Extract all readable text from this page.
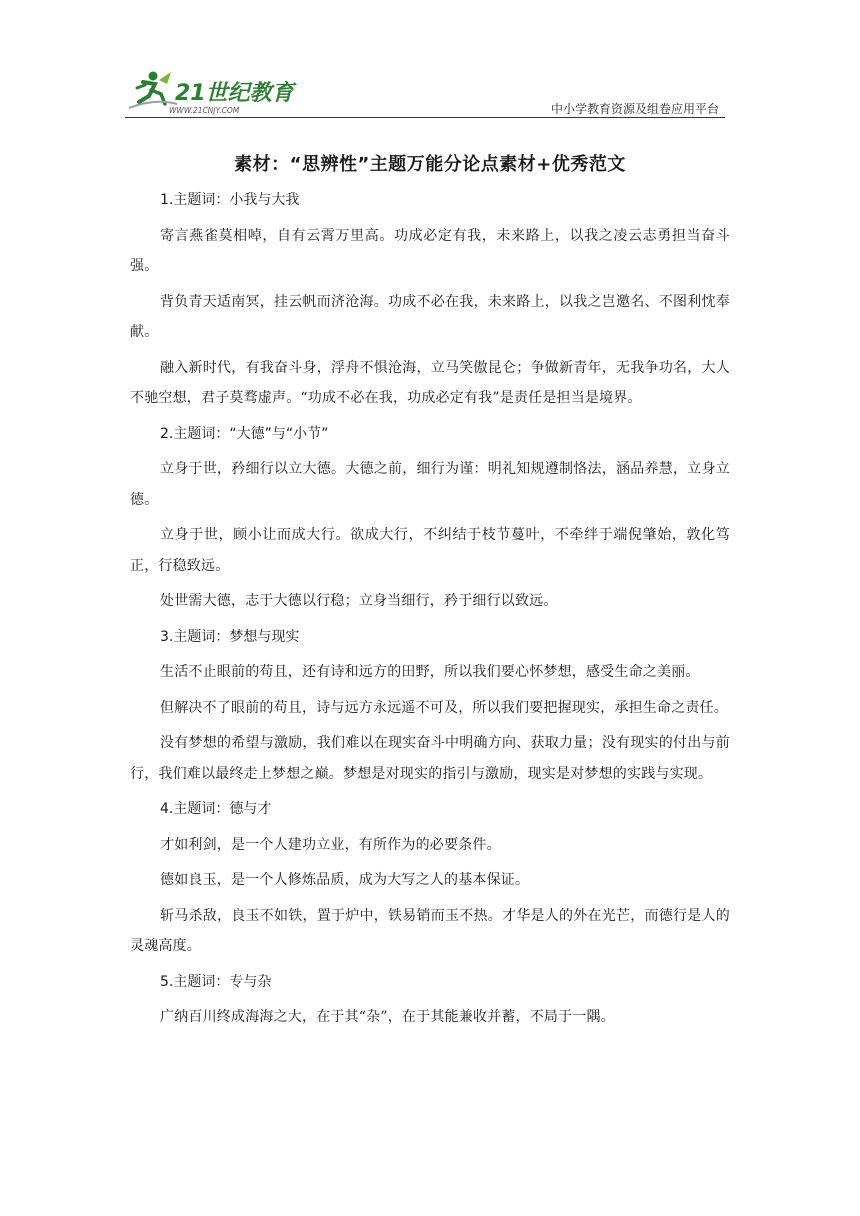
21世纪教育
WWW.21CNJY.COM	中小学教育资源及组卷应用平台
素材：“思辨性”主题万能分论点素材+优秀范文
1.主题词：小我与大我
寄言燕雀莫相啅，自有云霄万里高。功成必定有我，未来路上，以我之凌云志勇担当奋斗强。
背负青天适南冥，挂云帆而济沧海。功成不必在我，未来路上，以我之岂邀名、不图利忱奉献。
融入新时代，有我奋斗身，浮舟不惧沧海，立马笑傲昆仑；争做新青年，无我争功名，大人不驰空想，君子莫骛虚声。“功成不必在我，功成必定有我”是责任是担当是境界。
2.主题词：“大德”与“小节”
立身于世，矜细行以立大德。大德之前，细行为谨：明礼知规遵制恪法，涵品养慧，立身立德。
立身于世，顾小让而成大行。欲成大行，不纠结于枝节蔓叶，不牵绊于端倪肇始，敦化笃正，行稳致远。
处世需大德，志于大德以行稳；立身当细行，矜于细行以致远。
3.主题词：梦想与现实
生活不止眼前的苟且，还有诗和远方的田野，所以我们要心怀梦想，感受生命之美丽。
但解决不了眼前的苟且，诗与远方永远遥不可及，所以我们要把握现实，承担生命之责任。
没有梦想的希望与激励，我们难以在现实奋斗中明确方向、获取力量；没有现实的付出与前行，我们难以最终走上梦想之巅。梦想是对现实的指引与激励，现实是对梦想的实践与实现。
4.主题词：德与才
才如利剑，是一个人建功立业，有所作为的必要条件。
德如良玉，是一个人修炼品质，成为大写之人的基本保证。
斩马杀敌，良玉不如铁，置于炉中，铁易销而玉不热。才华是人的外在光芒，而德行是人的灵魂高度。
5.主题词：专与杂
广纳百川终成海海之大，在于其“杂”，在于其能兼收并蓄，不局于一隅。
